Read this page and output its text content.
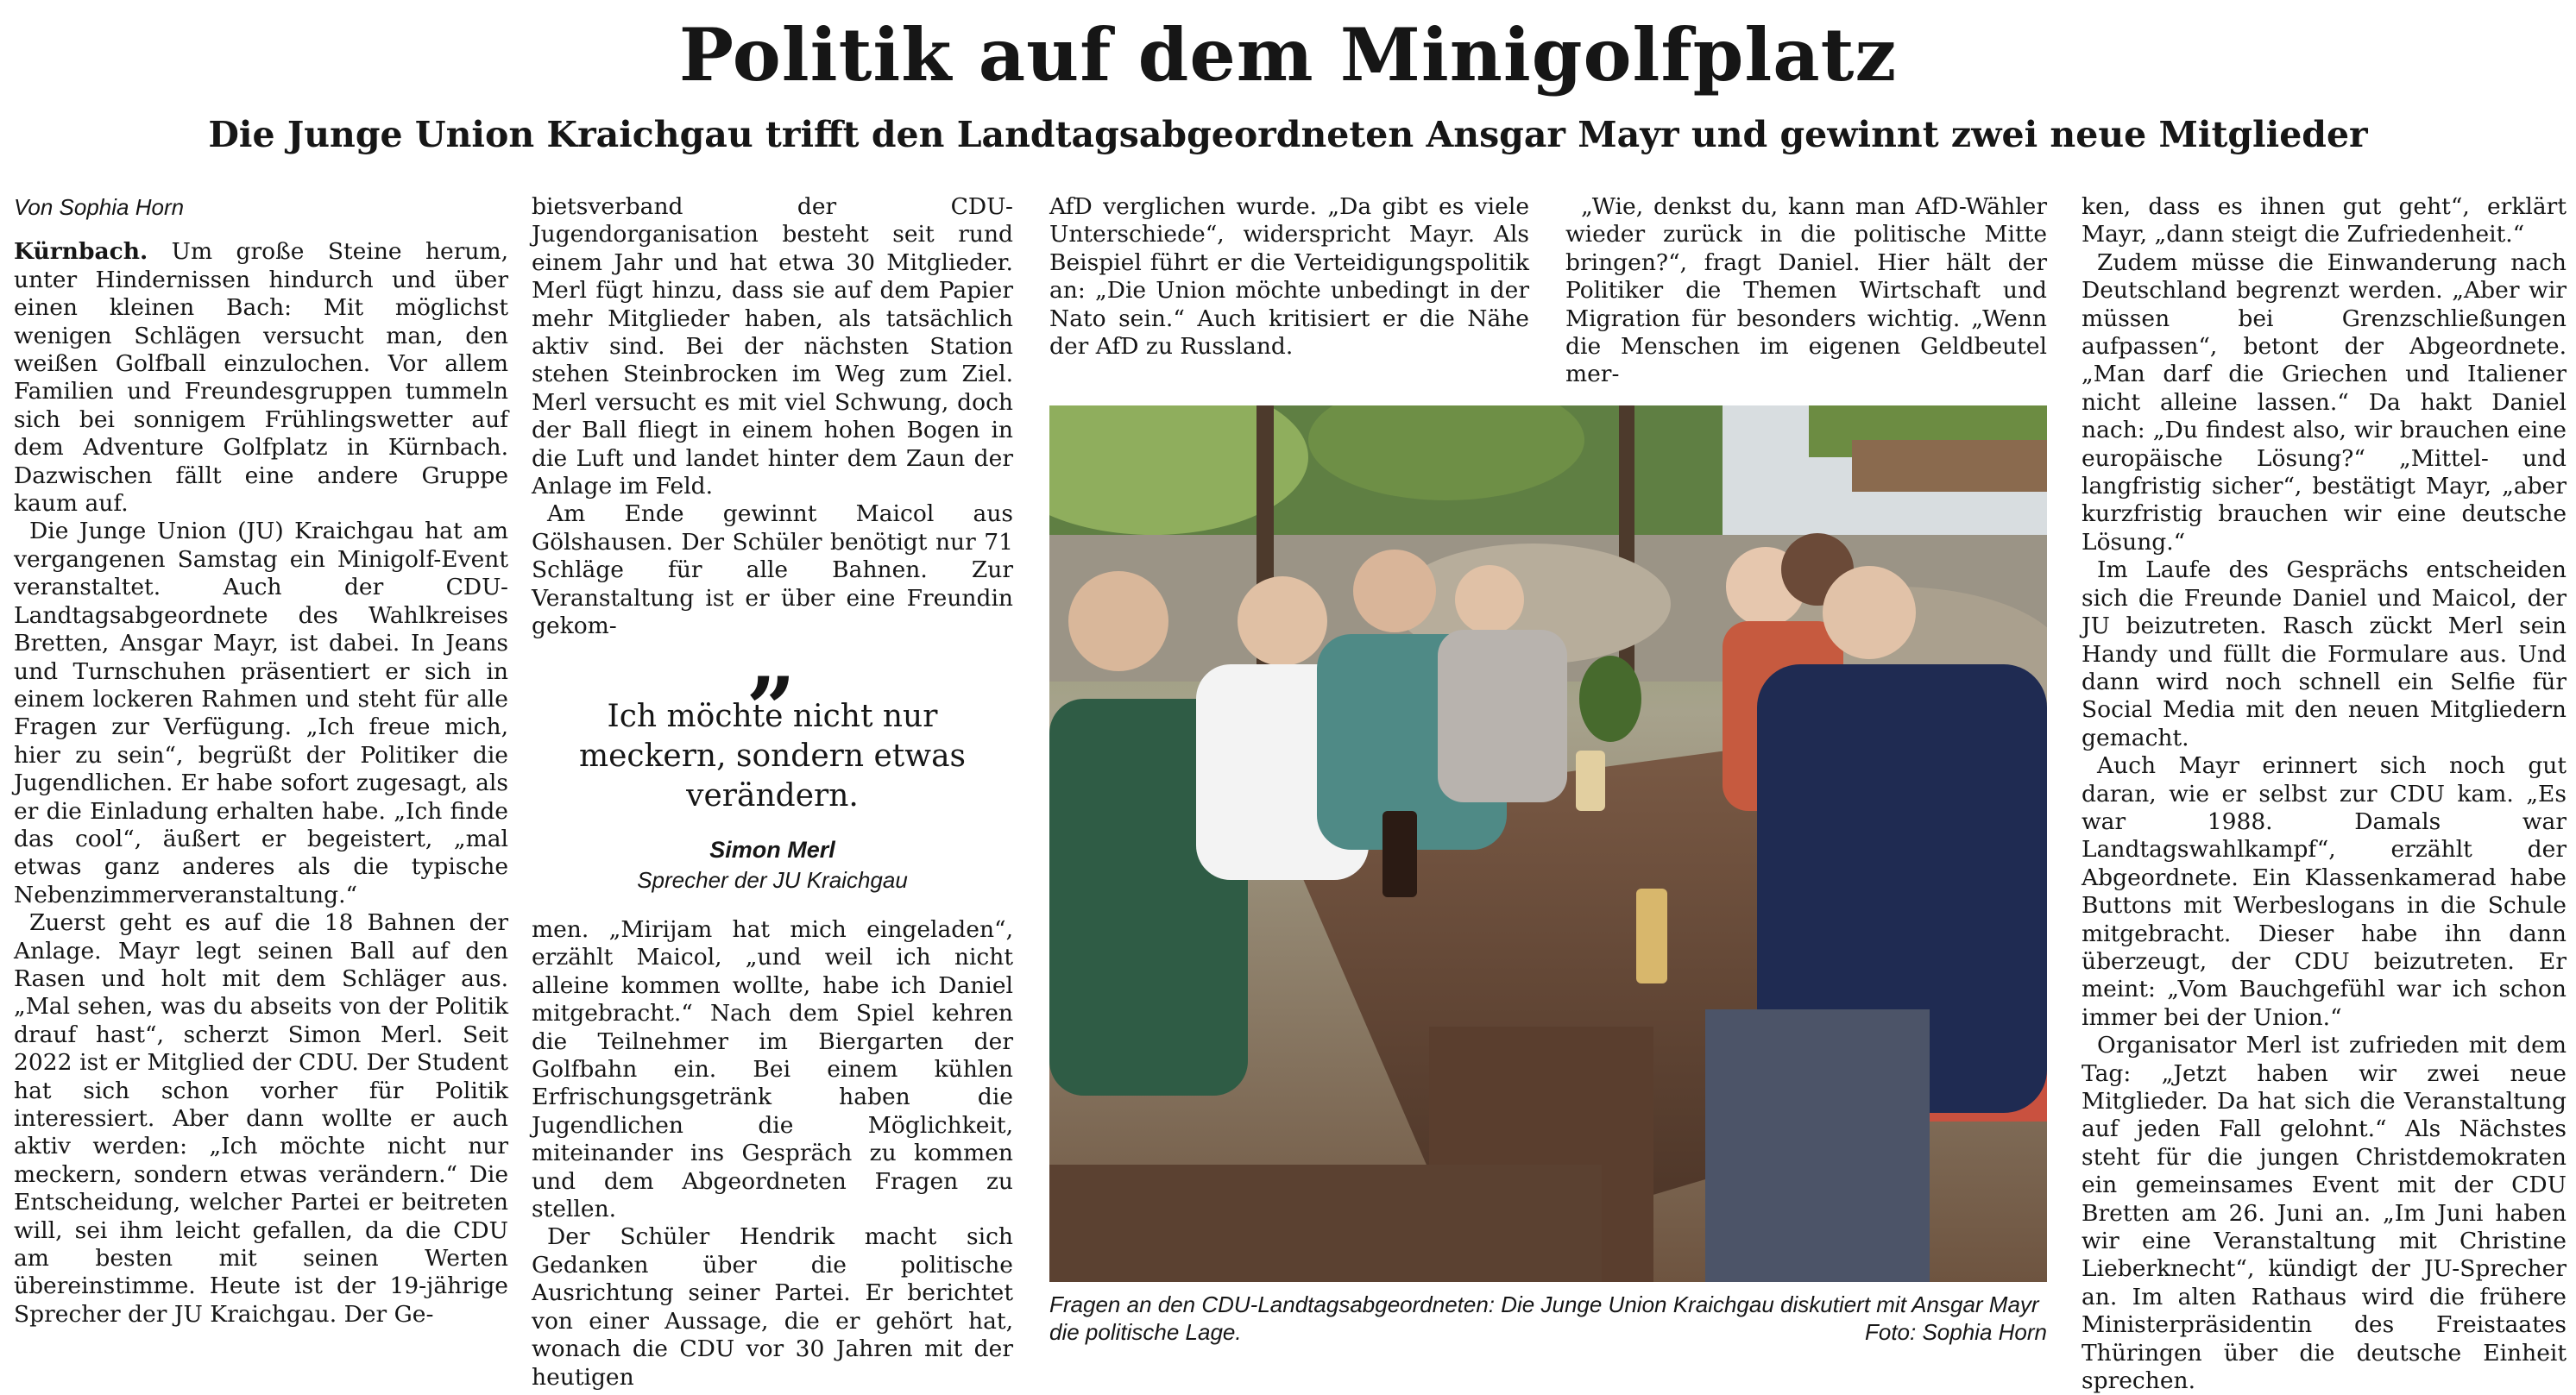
Politik auf dem Minigolfplatz
Die Junge Union Kraichgau trifft den Landtagsabgeordneten Ansgar Mayr und gewinnt zwei neue Mitglieder
Von Sophia Horn

Kürnbach. Um große Steine herum, unter Hindernissen hindurch und über einen kleinen Bach: Mit möglichst wenigen Schlägen versucht man, den weißen Golfball einzulochen. Vor allem Familien und Freundesgruppen tummeln sich bei sonnigem Frühlingswetter auf dem Adventure Golfplatz in Kürnbach. Dazwischen fällt eine andere Gruppe kaum auf.

Die Junge Union (JU) Kraichgau hat am vergangenen Samstag ein Minigolf-Event veranstaltet. Auch der CDU-Landtagsabgeordnete des Wahlkreises Bretten, Ansgar Mayr, ist dabei. In Jeans und Turnschuhen präsentiert er sich in einem lockeren Rahmen und steht für alle Fragen zur Verfügung. „Ich freue mich, hier zu sein“, begrüßt der Politiker die Jugendlichen. Er habe sofort zugesagt, als er die Einladung erhalten habe. „Ich finde das cool“, äußert er begeistert, „mal etwas ganz anderes als die typische Nebenzimmerveranstaltung.“

Zuerst geht es auf die 18 Bahnen der Anlage. Mayr legt seinen Ball auf den Rasen und holt mit dem Schläger aus. „Mal sehen, was du abseits von der Politik drauf hast“, scherzt Simon Merl. Seit 2022 ist er Mitglied der CDU. Der Student hat sich schon vorher für Politik interessiert. Aber dann wollte er auch aktiv werden: „Ich möchte nicht nur meckern, sondern etwas verändern.“ Die Entscheidung, welcher Partei er beitreten will, sei ihm leicht gefallen, da die CDU am besten mit seinen Werten übereinstimme. Heute ist der 19-jährige Sprecher der JU Kraichgau. Der Ge-

bietsverband der CDU-Jugendorganisation besteht seit rund einem Jahr und hat etwa 30 Mitglieder. Merl fügt hinzu, dass sie auf dem Papier mehr Mitglieder haben, als tatsächlich aktiv sind. Bei der nächsten Station stehen Steinbrocken im Weg zum Ziel. Merl versucht es mit viel Schwung, doch der Ball fliegt in einem hohen Bogen in die Luft und landet hinter dem Zaun der Anlage im Feld.

Am Ende gewinnt Maicol aus Gölshausen. Der Schüler benötigt nur 71 Schläge für alle Bahnen. Zur Veranstaltung ist er über eine Freundin gekom-	„
Ich möchte nicht nur meckern, sondern etwas verändern.
Simon Merl
Sprecher der JU Kraichgau

men. „Mirijam hat mich eingeladen“, erzählt Maicol, „und weil ich nicht alleine kommen wollte, habe ich Daniel mitgebracht.“ Nach dem Spiel kehren die Teilnehmer im Biergarten der Golfbahn ein. Bei einem kühlen Erfrischungsgetränk haben die Jugendlichen die Möglichkeit, miteinander ins Gespräch zu kommen und dem Abgeordneten Fragen zu stellen.

Der Schüler Hendrik macht sich Gedanken über die politische Ausrichtung seiner Partei. Er berichtet von einer Aussage, die er gehört hat, wonach die CDU vor 30 Jahren mit der heutigen

AfD verglichen wurde. „Da gibt es viele Unterschiede“, widerspricht Mayr. Als Beispiel führt er die Verteidigungspolitik an: „Die Union möchte unbedingt in der Nato sein.“ Auch kritisiert er die Nähe der AfD zu Russland.

„Wie, denkst du, kann man AfD-Wähler wieder zurück in die politische Mitte bringen?“, fragt Daniel. Hier hält der Politiker die Themen Wirtschaft und Migration für besonders wichtig. „Wenn die Menschen im eigenen Geldbeutel mer-

ken, dass es ihnen gut geht“, erklärt Mayr, „dann steigt die Zufriedenheit.“

Zudem müsse die Einwanderung nach Deutschland begrenzt werden. „Aber wir müssen bei Grenzschließungen aufpassen“, betont der Abgeordnete. „Man darf die Griechen und Italiener nicht alleine lassen.“ Da hakt Daniel nach: „Du findest also, wir brauchen eine europäische Lösung?“ „Mittel- und langfristig sicher“, bestätigt Mayr, „aber kurzfristig brauchen wir eine deutsche Lösung.“

Im Laufe des Gesprächs entscheiden sich die Freunde Daniel und Maicol, der JU beizutreten. Rasch zückt Merl sein Handy und füllt die Formulare aus. Und dann wird noch schnell ein Selfie für Social Media mit den neuen Mitgliedern gemacht.

Auch Mayr erinnert sich noch gut daran, wie er selbst zur CDU kam. „Es war 1988. Damals war Landtagswahlkampf“, erzählt der Abgeordnete. Ein Klassenkamerad habe Buttons mit Werbeslogans in die Schule mitgebracht. Dieser habe ihn dann überzeugt, der CDU beizutreten. Er meint: „Vom Bauchgefühl war ich schon immer bei der Union.“

Organisator Merl ist zufrieden mit dem Tag: „Jetzt haben wir zwei neue Mitglieder. Da hat sich die Veranstaltung auf jeden Fall gelohnt.“ Als Nächstes steht für die jungen Christdemokraten ein gemeinsames Event mit der CDU Bretten am 26. Juni an. „Im Juni haben wir eine Veranstaltung mit Christine Lieberknecht“, kündigt der JU-Sprecher an. Im alten Rathaus wird die frühere Ministerpräsidentin des Freistaates Thüringen über die deutsche Einheit sprechen.

Fragen an den CDU-Landtagsabgeordneten: Die Junge Union Kraichgau diskutiert mit Ansgar Mayr die politische Lage.	Foto: Sophia Horn
